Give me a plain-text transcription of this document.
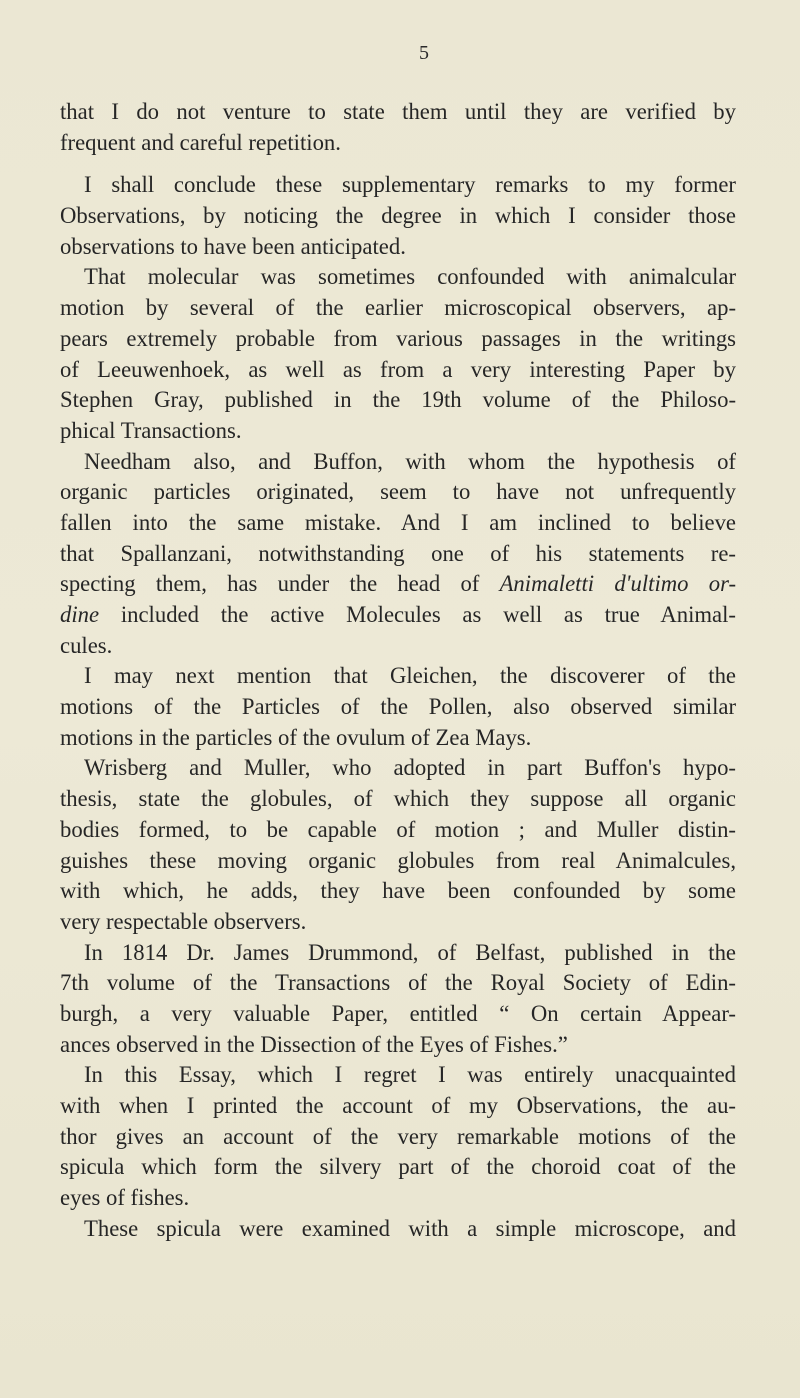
5
that I do not venture to state them until they are verified by
frequent and careful repetition.
I shall conclude these supplementary remarks to my former
Observations, by noticing the degree in which I consider those
observations to have been anticipated.
That molecular was sometimes confounded with animalcular
motion by several of the earlier microscopical observers, ap-
pears extremely probable from various passages in the writings
of Leeuwenhoek, as well as from a very interesting Paper by
Stephen Gray, published in the 19th volume of the Philoso-
phical Transactions.
Needham also, and Buffon, with whom the hypothesis of
organic particles originated, seem to have not unfrequently
fallen into the same mistake. And I am inclined to believe
that Spallanzani, notwithstanding one of his statements re-
specting them, has under the head of Animaletti d'ultimo or-
dine included the active Molecules as well as true Animal-
cules.
I may next mention that Gleichen, the discoverer of the
motions of the Particles of the Pollen, also observed similar
motions in the particles of the ovulum of Zea Mays.
Wrisberg and Muller, who adopted in part Buffon's hypo-
thesis, state the globules, of which they suppose all organic
bodies formed, to be capable of motion ; and Muller distin-
guishes these moving organic globules from real Animalcules,
with which, he adds, they have been confounded by some
very respectable observers.
In 1814 Dr. James Drummond, of Belfast, published in the
7th volume of the Transactions of the Royal Society of Edin-
burgh, a very valuable Paper, entitled “ On certain Appear-
ances observed in the Dissection of the Eyes of Fishes.”
In this Essay, which I regret I was entirely unacquainted
with when I printed the account of my Observations, the au-
thor gives an account of the very remarkable motions of the
spicula which form the silvery part of the choroid coat of the
eyes of fishes.
These spicula were examined with a simple microscope, and
